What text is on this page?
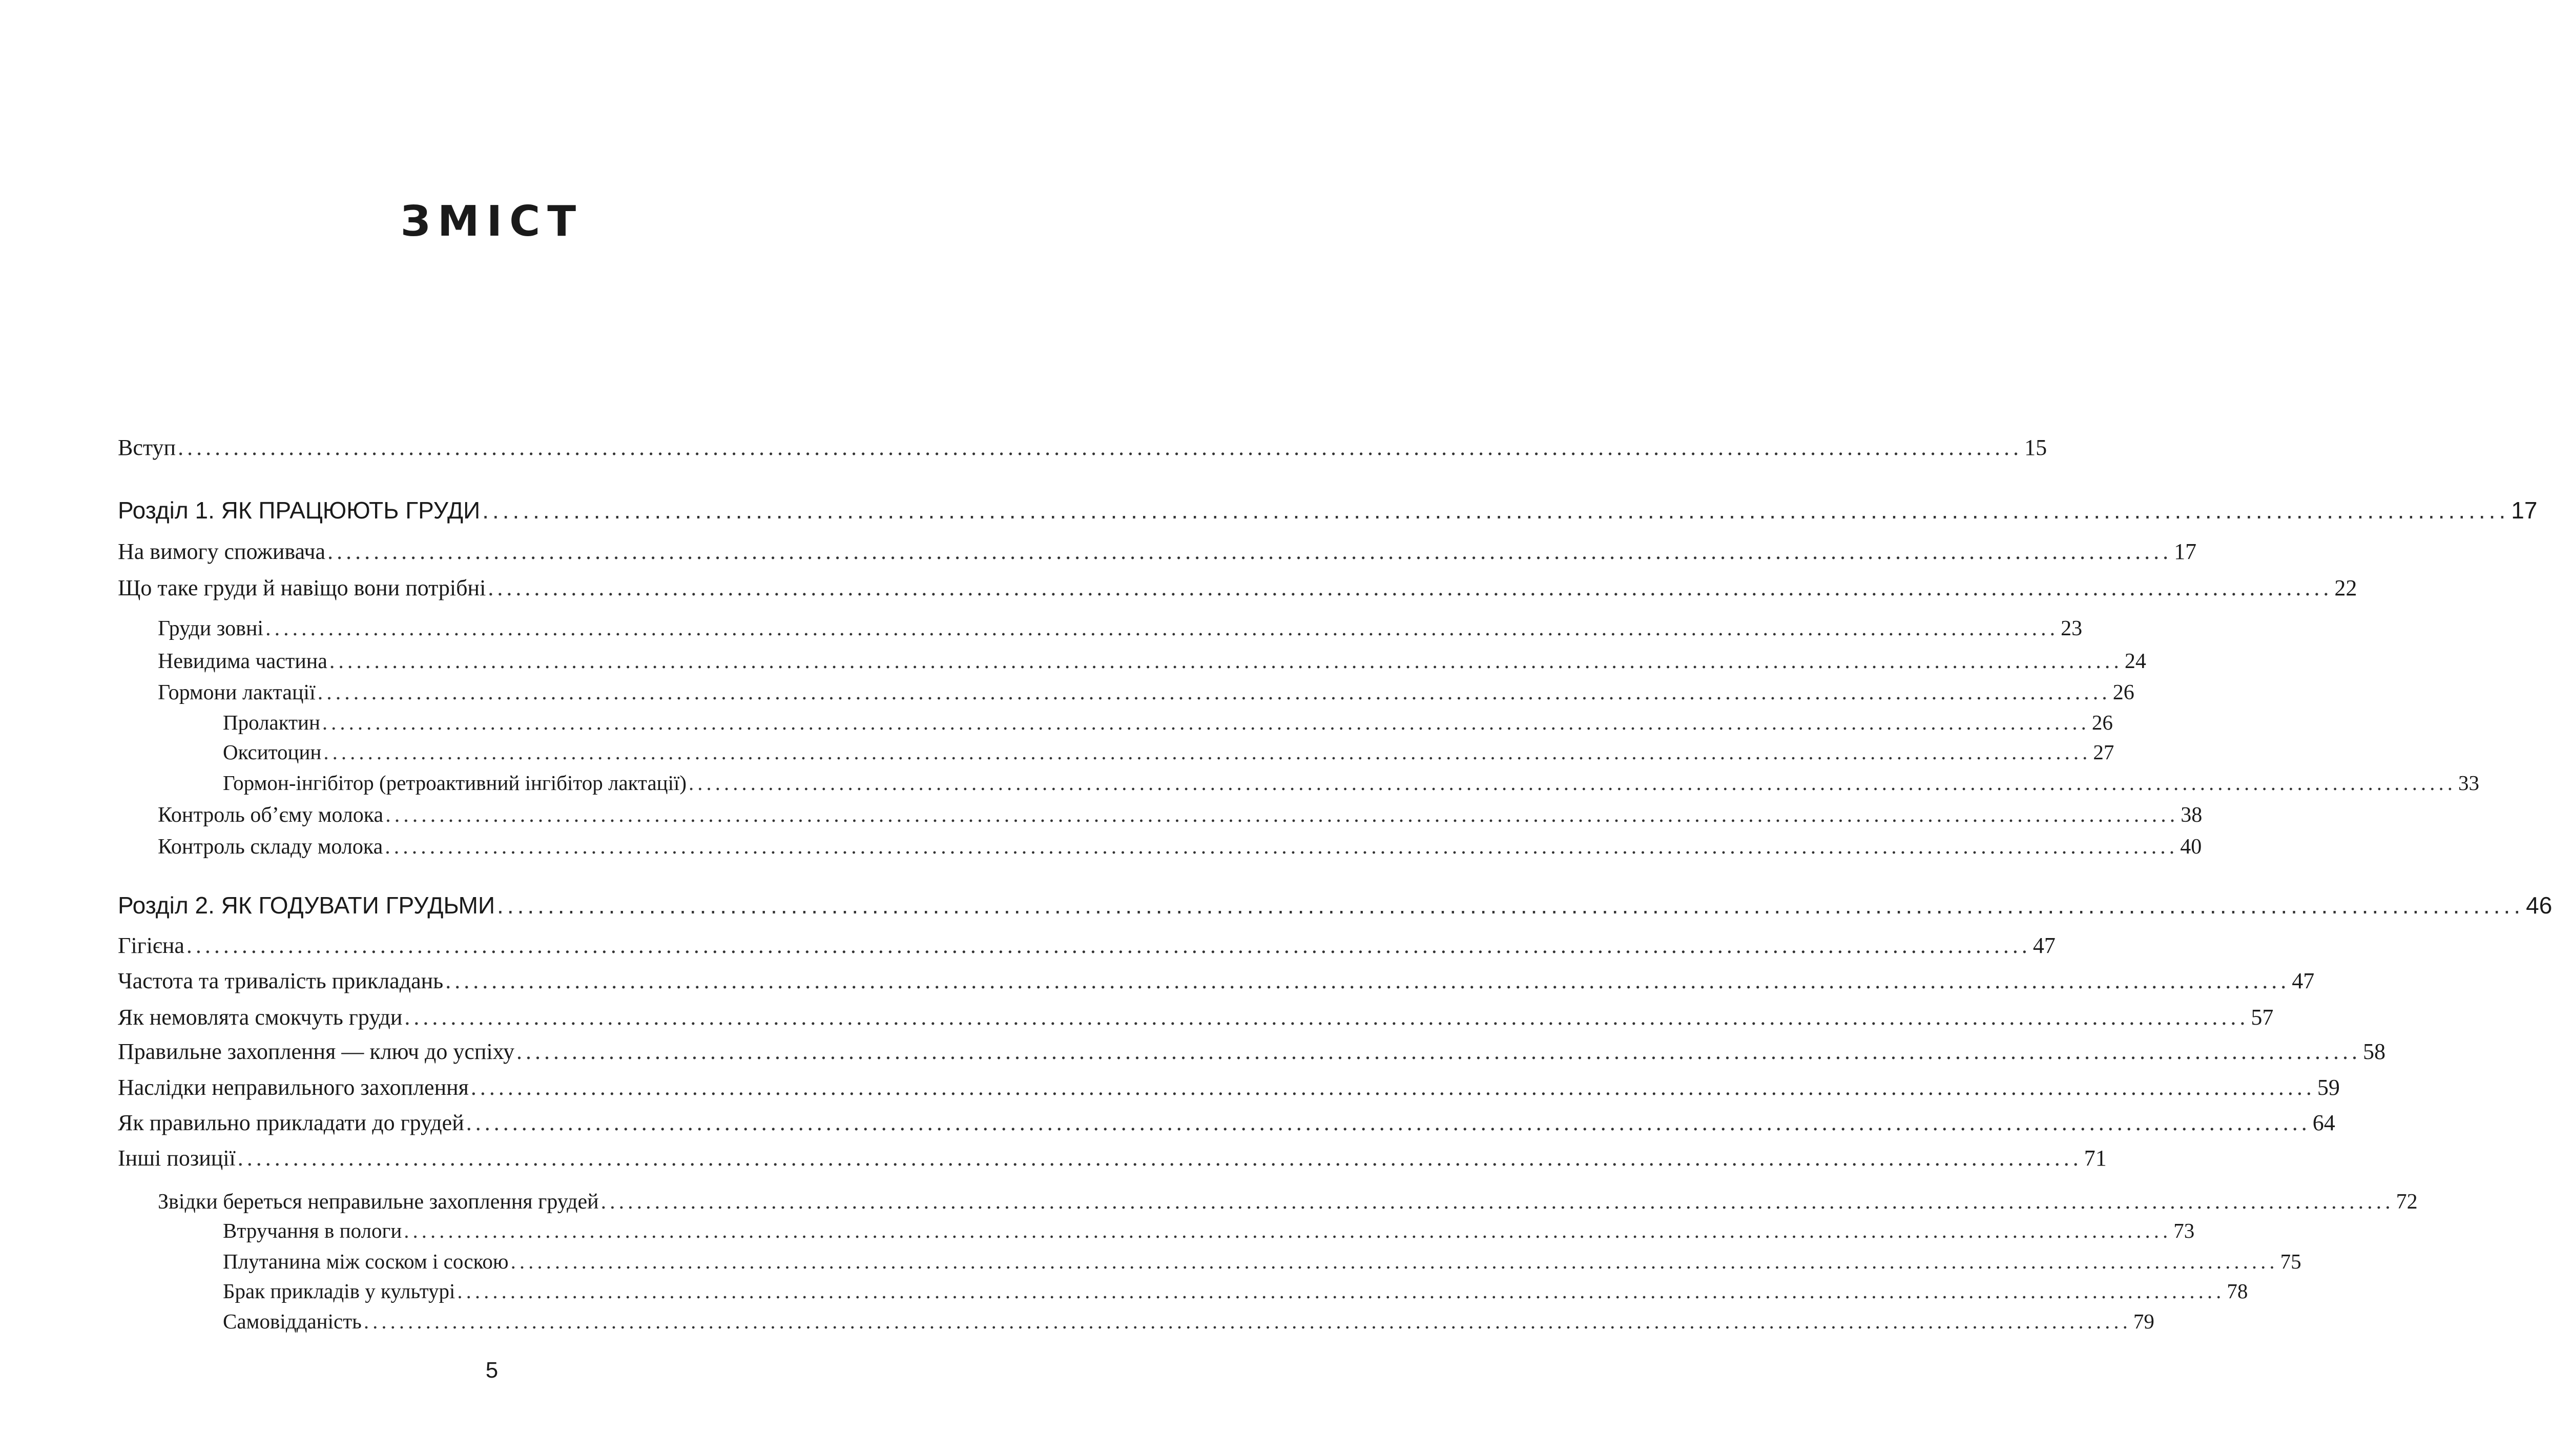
ЗМІСТ
Вступ ........................................................................................................................................................................................................ 15
Розділ 1. ЯК ПРАЦЮЮТЬ ГРУДИ ........................................................................................................................................................................................................ 17
На вимогу споживача ........................................................................................................................................................................................................ 17
Що таке груди й навіщо вони потрібні ........................................................................................................................................................................................................ 22
Груди зовні ........................................................................................................................................................................................................ 23
Невидима частина ........................................................................................................................................................................................................ 24
Гормони лактації ........................................................................................................................................................................................................ 26
Пролактин ........................................................................................................................................................................................................ 26
Окситоцин ........................................................................................................................................................................................................ 27
Гормон-інгібітор (ретроактивний інгібітор лактації) ........................................................................................................................................................................................................ 33
Контроль об’єму молока ........................................................................................................................................................................................................ 38
Контроль складу молока ........................................................................................................................................................................................................ 40
Розділ 2. ЯК ГОДУВАТИ ГРУДЬМИ ........................................................................................................................................................................................................ 46
Гігієна ........................................................................................................................................................................................................ 47
Частота та тривалість прикладань ........................................................................................................................................................................................................ 47
Як немовлята смокчуть груди ........................................................................................................................................................................................................ 57
Правильне захоплення — ключ до успіху ........................................................................................................................................................................................................ 58
Наслідки неправильного захоплення ........................................................................................................................................................................................................ 59
Як правильно прикладати до грудей ........................................................................................................................................................................................................ 64
Інші позиції ........................................................................................................................................................................................................ 71
Звідки береться неправильне захоплення грудей ........................................................................................................................................................................................................ 72
Втручання в пологи ........................................................................................................................................................................................................ 73
Плутанина між соском і соскою ........................................................................................................................................................................................................ 75
Брак прикладів у культурі ........................................................................................................................................................................................................ 78
Самовідданість ........................................................................................................................................................................................................ 79
5
